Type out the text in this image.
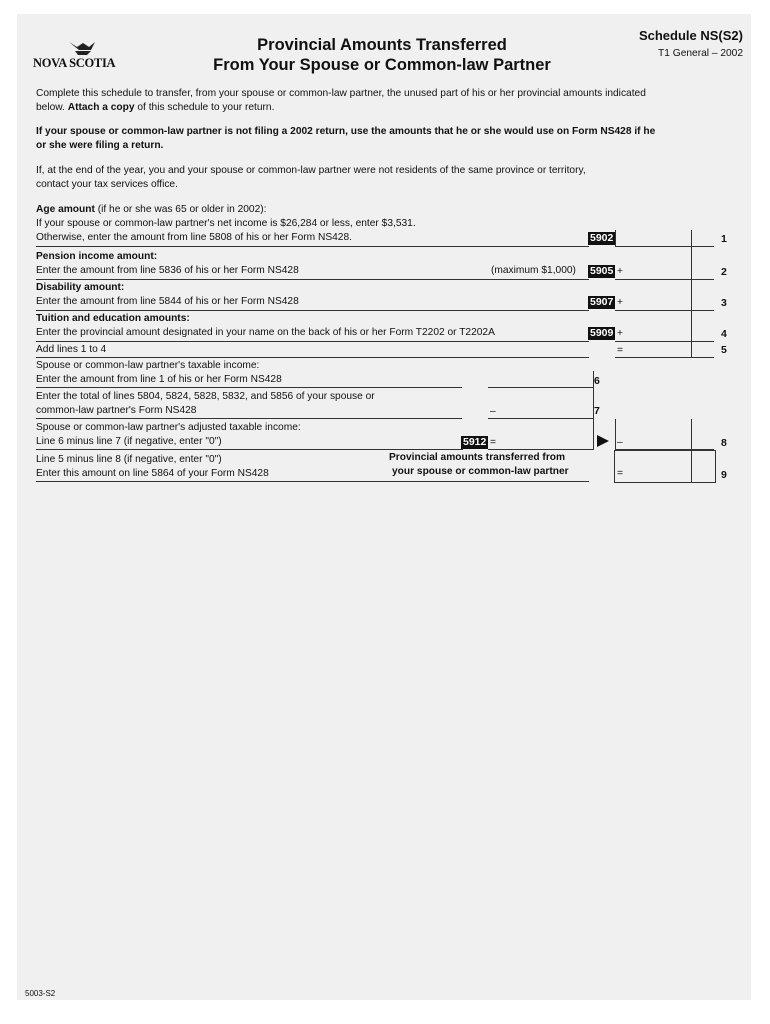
NOVA SCOTIA
Provincial Amounts Transferred
From Your Spouse or Common-law Partner
Schedule NS(S2)
T1 General – 2002
Complete this schedule to transfer, from your spouse or common-law partner, the unused part of his or her provincial amounts indicated
below. Attach a copy of this schedule to your return.
If your spouse or common-law partner is not filing a 2002 return, use the amounts that he or she would use on Form NS428 if he
or she were filing a return.
If, at the end of the year, you and your spouse or common-law partner were not residents of the same province or territory,
contact your tax services office.
Age amount (if he or she was 65 or older in 2002):
If your spouse or common-law partner's net income is $26,284 or less, enter $3,531.
Otherwise, enter the amount from line 5808 of his or her Form NS428.	5902	1
Pension income amount:
Enter the amount from line 5836 of his or her Form NS428	(maximum $1,000) 5905 +	2
Disability amount:
Enter the amount from line 5844 of his or her Form NS428	5907 +	3
Tuition and education amounts:
Enter the provincial amount designated in your name on the back of his or her Form T2202 or T2202A	5909 +	4
Add lines 1 to 4	=	5
Spouse or common-law partner's taxable income:
Enter the amount from line 1 of his or her Form NS428	6
Enter the total of lines 5804, 5824, 5828, 5832, and 5856 of your spouse or
common-law partner's Form NS428	–	7
Spouse or common-law partner's adjusted taxable income:
Line 6 minus line 7 (if negative, enter "0")	5912 =	–	8
Line 5 minus line 8 (if negative, enter "0")
Enter this amount on line 5864 of your Form NS428
Provincial amounts transferred from
your spouse or common-law partner	=	9
5003-S2
